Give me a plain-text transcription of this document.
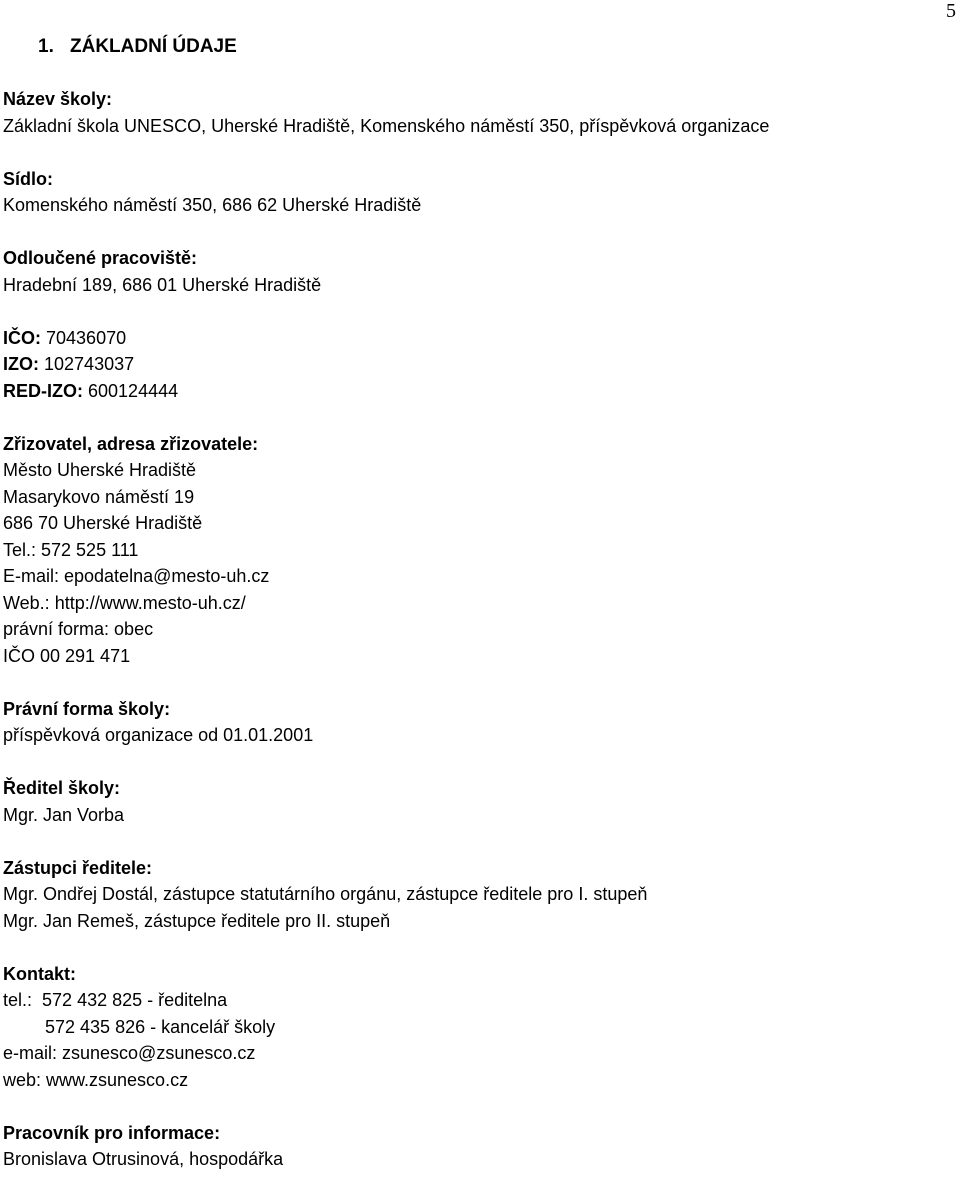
5
1. ZÁKLADNÍ ÚDAJE
Název školy:
Základní škola UNESCO, Uherské Hradiště, Komenského náměstí 350, příspěvková organizace
Sídlo:
Komenského náměstí 350, 686 62 Uherské Hradiště
Odloučené pracoviště:
Hradební 189, 686 01 Uherské Hradiště
IČO: 70436070
IZO: 102743037
RED-IZO: 600124444
Zřizovatel, adresa zřizovatele:
Město Uherské Hradiště
Masarykovo náměstí 19
686 70 Uherské Hradiště
Tel.: 572 525 111
E-mail: epodatelna@mesto-uh.cz
Web.: http://www.mesto-uh.cz/
právní forma: obec
IČO 00 291 471
Právní forma školy:
příspěvková organizace od 01.01.2001
Ředitel školy:
Mgr. Jan Vorba
Zástupci ředitele:
Mgr. Ondřej Dostál, zástupce statutárního orgánu, zástupce ředitele pro I. stupeň
Mgr. Jan Remeš, zástupce ředitele pro II. stupeň
Kontakt:
tel.: 572 432 825 - ředitelna
572 435 826 - kancelář školy
e-mail: zsunesco@zsunesco.cz
web: www.zsunesco.cz
Pracovník pro informace:
Bronislava Otrusinová, hospodářka
